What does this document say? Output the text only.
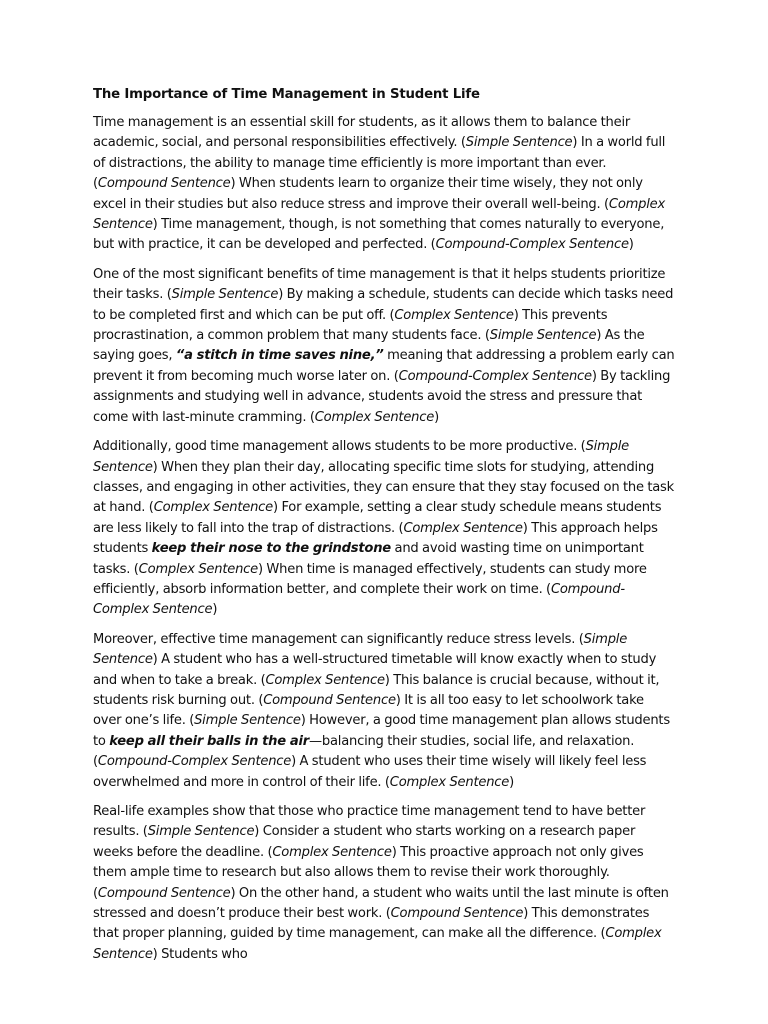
The Importance of Time Management in Student Life

Time management is an essential skill for students, as it allows them to balance their academic, social, and personal responsibilities effectively. (Simple Sentence) In a world full of distractions, the ability to manage time efficiently is more important than ever. (Compound Sentence) When students learn to organize their time wisely, they not only excel in their studies but also reduce stress and improve their overall well-being. (Complex Sentence) Time management, though, is not something that comes naturally to everyone, but with practice, it can be developed and perfected. (Compound-Complex Sentence)

One of the most significant benefits of time management is that it helps students prioritize their tasks. (Simple Sentence) By making a schedule, students can decide which tasks need to be completed first and which can be put off. (Complex Sentence) This prevents procrastination, a common problem that many students face. (Simple Sentence) As the saying goes, “a stitch in time saves nine,” meaning that addressing a problem early can prevent it from becoming much worse later on. (Compound-Complex Sentence) By tackling assignments and studying well in advance, students avoid the stress and pressure that come with last-minute cramming. (Complex Sentence)

Additionally, good time management allows students to be more productive. (Simple Sentence) When they plan their day, allocating specific time slots for studying, attending classes, and engaging in other activities, they can ensure that they stay focused on the task at hand. (Complex Sentence) For example, setting a clear study schedule means students are less likely to fall into the trap of distractions. (Complex Sentence) This approach helps students keep their nose to the grindstone and avoid wasting time on unimportant tasks. (Complex Sentence) When time is managed effectively, students can study more efficiently, absorb information better, and complete their work on time. (Compound-Complex Sentence)

Moreover, effective time management can significantly reduce stress levels. (Simple Sentence) A student who has a well-structured timetable will know exactly when to study and when to take a break. (Complex Sentence) This balance is crucial because, without it, students risk burning out. (Compound Sentence) It is all too easy to let schoolwork take over one’s life. (Simple Sentence) However, a good time management plan allows students to keep all their balls in the air—balancing their studies, social life, and relaxation. (Compound-Complex Sentence) A student who uses their time wisely will likely feel less overwhelmed and more in control of their life. (Complex Sentence)

Real-life examples show that those who practice time management tend to have better results. (Simple Sentence) Consider a student who starts working on a research paper weeks before the deadline. (Complex Sentence) This proactive approach not only gives them ample time to research but also allows them to revise their work thoroughly. (Compound Sentence) On the other hand, a student who waits until the last minute is often stressed and doesn’t produce their best work. (Compound Sentence) This demonstrates that proper planning, guided by time management, can make all the difference. (Complex Sentence) Students who
